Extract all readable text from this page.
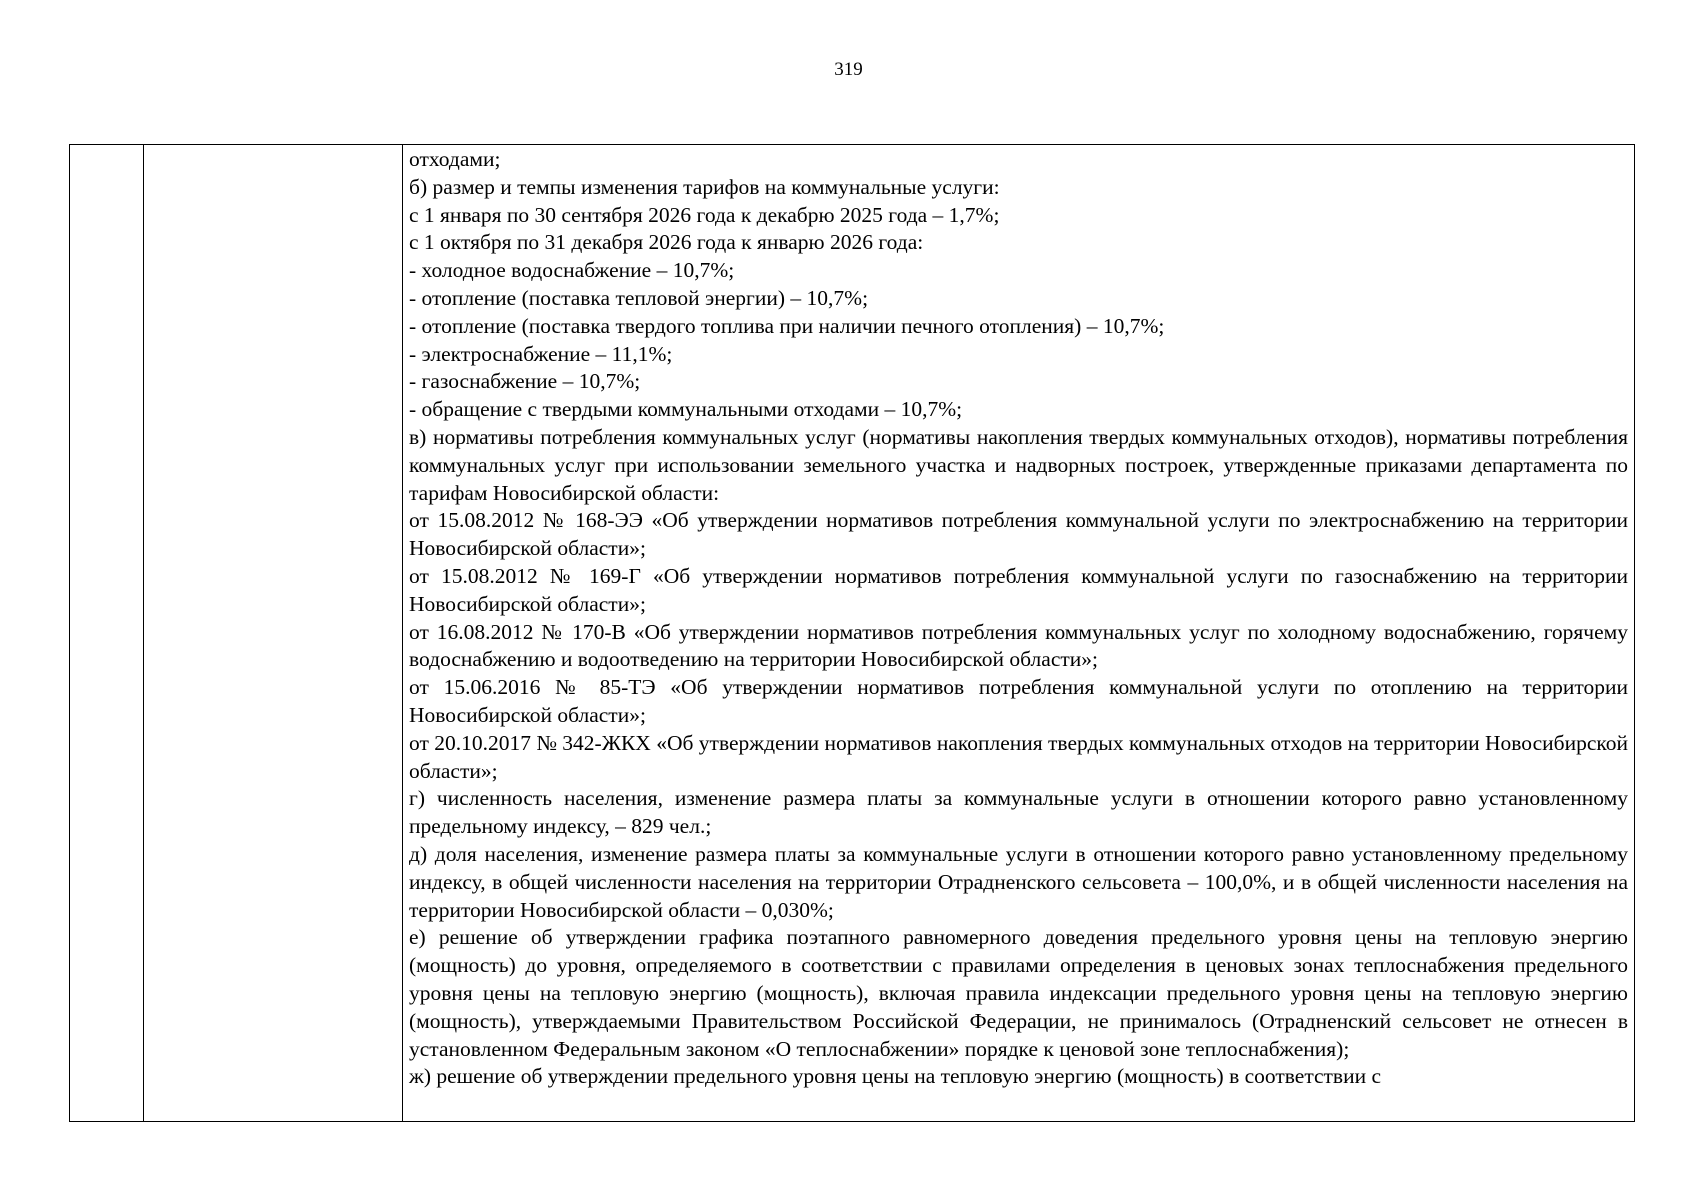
319

отходами;
б) размер и темпы изменения тарифов на коммунальные услуги:
с 1 января по 30 сентября 2026 года к декабрю 2025 года – 1,7%;
с 1 октября по 31 декабря 2026 года к январю 2026 года:
- холодное водоснабжение – 10,7%;
- отопление (поставка тепловой энергии) – 10,7%;
- отопление (поставка твердого топлива при наличии печного отопления) – 10,7%;
- электроснабжение – 11,1%;
- газоснабжение – 10,7%;
- обращение с твердыми коммунальными отходами – 10,7%;

в) нормативы потребления коммунальных услуг (нормативы накопления твердых коммунальных отходов), нормативы потребления коммунальных услуг при использовании земельного участка и надворных построек, утвержденные приказами департамента по тарифам Новосибирской области:

от 15.08.2012 № 168-ЭЭ «Об утверждении нормативов потребления коммунальной услуги по электроснабжению на территории Новосибирской области»;

от 15.08.2012 № 169-Г «Об утверждении нормативов потребления коммунальной услуги по газоснабжению на территории Новосибирской области»;

от 16.08.2012 № 170-В «Об утверждении нормативов потребления коммунальных услуг по холодному водоснабжению, горячему водоснабжению и водоотведению на территории Новосибирской области»;

от 15.06.2016 № 85-ТЭ «Об утверждении нормативов потребления коммунальной услуги по отоплению на территории Новосибирской области»;

от 20.10.2017 № 342-ЖКХ «Об утверждении нормативов накопления твердых коммунальных отходов на территории Новосибирской области»;

г) численность населения, изменение размера платы за коммунальные услуги в отношении которого равно установленному предельному индексу, – 829 чел.;

д) доля населения, изменение размера платы за коммунальные услуги в отношении которого равно установленному предельному индексу, в общей численности населения на территории Отрадненского сельсовета – 100,0%, и в общей численности населения на территории Новосибирской области – 0,030%;

е) решение об утверждении графика поэтапного равномерного доведения предельного уровня цены на тепловую энергию (мощность) до уровня, определяемого в соответствии с правилами определения в ценовых зонах теплоснабжения предельного уровня цены на тепловую энергию (мощность), включая правила индексации предельного уровня цены на тепловую энергию (мощность), утверждаемыми Правительством Российской Федерации, не принималось (Отрадненский сельсовет не отнесен в установленном Федеральным законом «О теплоснабжении» порядке к ценовой зоне теплоснабжения);

ж) решение об утверждении предельного уровня цены на тепловую энергию (мощность) в соответствии с
